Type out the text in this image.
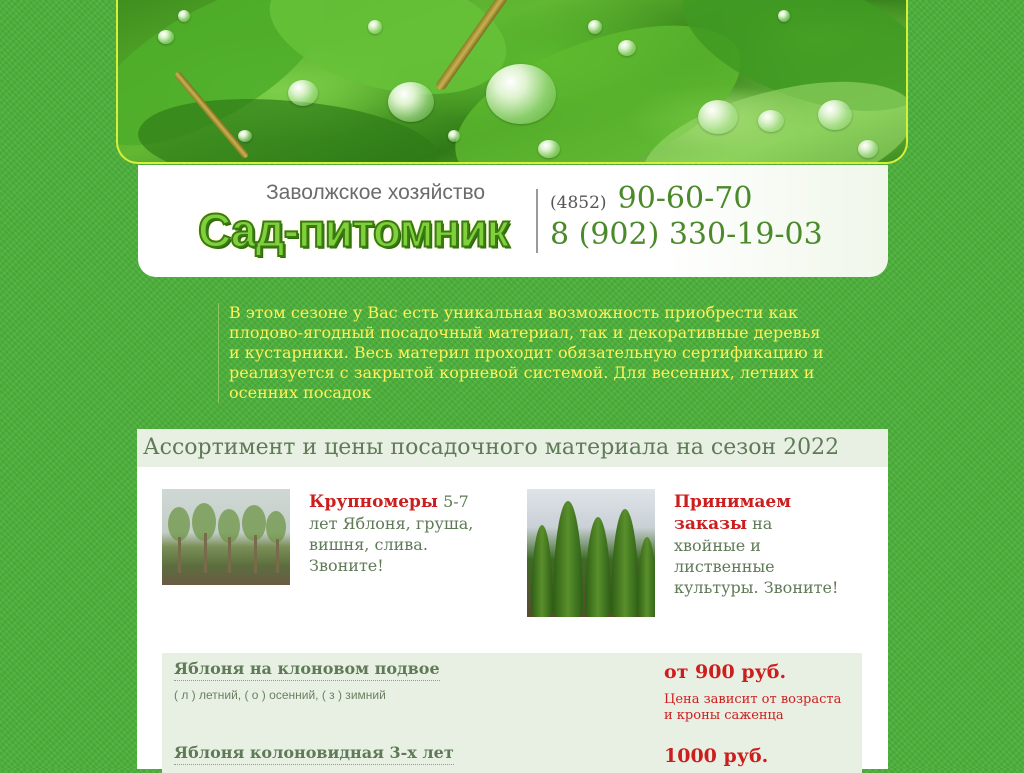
Заволжское хозяйство
Сад-питомник
(4852) 90-60-70
8 (902) 330-19-03
В этом сезоне у Вас есть уникальная возможность приобрести как плодово-ягодный посадочный материал, так и декоративные деревья и кустарники. Весь материл проходит обязательную сертификацию и реализуется с закрытой корневой системой. Для весенних, летних и осенних посадок
Ассортимент и цены посадочного материала на сезон 2022
Крупномеры 5-7 лет Яблоня, груша, вишня, слива. Звоните!
Принимаем заказы на хвойные и лиственные культуры. Звоните!
Яблоня на клоновом подвое
( л ) летний, ( о ) осенний, ( з ) зимний
от 900 руб.
Цена зависит от возраста и кроны саженца
Яблоня колоновидная 3-х лет	1000 руб.
